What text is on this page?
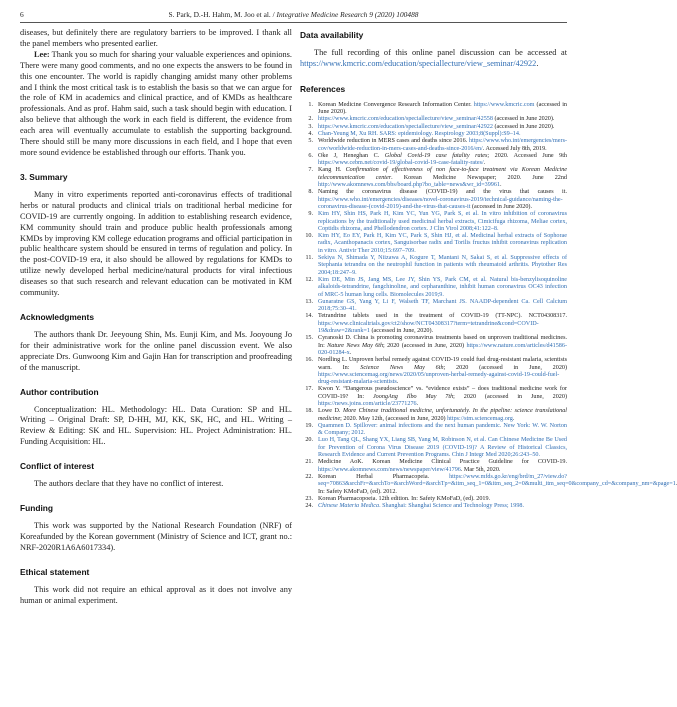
6	S. Park, D.-H. Hahm, M. Joo et al. / Integrative Medicine Research 9 (2020) 100488

diseases, but definitely there are regulatory barriers to be improved. I thank all the panel members who presented earlier.

Lee: Thank you so much for sharing your valuable experiences and opinions. There were many good comments, and no one expects the answers to be found in this one encounter. The world is rapidly changing amidst many other problems and I think the most critical task is to establish the basis so that we can argue for the role of KM in academics and clinical practice, and of KMDs as healthcare professionals. And as prof. Hahm said, such a task should begin with education. I also believe that although the work in each field is different, the evidence from each area will eventually accumulate to establish the supporting background. There should still be many more discussions in each field, and I hope that even more sound evidence be established through our efforts. Thank you.

3. Summary

Many in vitro experiments reported anti-coronavirus effects of traditional herbs or natural products and clinical trials on traditional herbal medicine for COVID-19 are currently ongoing. In addition to establishing research evidence, KM community should train and produce public health professionals among KMDs by improving KM college education programs and official participation in public healthcare system should be ensured in terms of regulation and policy. In the post-COVID-19 era, it also should be allowed by regulations for KMDs to utilize newly developed herbal medicine/natural products for viral infectious diseases so that such research and relevant education can be motivated in KM community.

Acknowledgments

The authors thank Dr. Jeeyoung Shin, Ms. Eunji Kim, and Ms. Jooyoung Jo for their administrative work for the online panel discussion event. We also appreciate Drs. Gunwoong Kim and Gajin Han for transcription and proofreading of the manuscript.

Author contribution

Conceptualization: HL. Methodology: HL. Data Curation: SP and HL. Writing – Original Draft: SP, D-HH, MJ, KK, SK, HC, and HL. Writing – Review & Editing: SK and HL. Supervision: HL. Project Administration: HL. Funding Acquisition: HL.

Conflict of interest

The authors declare that they have no conflict of interest.

Funding

This work was supported by the National Research Foundation (NRF) of Koreafunded by the Korean government (Ministry of Science and ICT, grant no.: NRF-2020R1A6A6017334).

Ethical statement

This work did not require an ethical approval as it does not involve any human or animal experiment.

Data availability

The full recording of this online panel discussion can be accessed at https://www.kmcric.com/education/speciallecture/view_seminar/42922.

References
1. Korean Medicine Convergence Research Information Center. https://www.kmcric.com (accessed in June 2020).
2. https://www.kmcric.com/education/speciallecture/view_seminar/42558 (accessed in June 2020).
3. https://www.kmcric.com/education/speciallecture/view_seminar/42922 (accessed in June 2020).
4. Chan-Yeung M, Xu RH. SARS: epidemiology. Respirology 2003;8(Suppl):S9–14.
5. Worldwide reduction in MERS cases and deaths since 2016. https://www.who.int/emergencies/mers-cov/worldwide-reduction-in-mers-cases-and-deaths-since-2016/en/. Accessed July 8th, 2019.
6. Oke J, Heneghan C. Global Covid-19 case fatality rates; 2020. Accessed June 9th https://www.cebm.net/covid-19/global-covid-19-case-fatality-rates/.
7. Kang H. Confirmation of effectiveness of non face-to-face treatment via Korean Medicine telecommunication center. Korean Medicine Newspaper; 2020. June 22nd http://www.akomnews.com/bbs/board.php?bo_table=news&wr_id=39961.
8. Naming the coronavirus disease (COVID-19) and the virus that causes it. https://www.who.int/emergencies/diseases/novel-coronavirus-2019/technical-guidance/naming-the-coronavirus-disease-(covid-2019)-and-the-virus-that-causes-it (accessed in June 2020).
9. Kim HY, Shin HS, Park H, Kim YC, Yun YG, Park S, et al. In vitro inhibition of coronavirus replications by the traditionally used medicinal herbal extracts, Cimicifuga rhizoma, Meliae cortex, Coptidis rhizoma, and Phellodendron cortex. J Clin Virol 2008;41:122–8.
10. Kim HY, Eo EY, Park H, Kim YC, Park S, Shin HJ, et al. Medicinal herbal extracts of Sophorae radix, Acanthopanacis cortex, Sanguisorbae radix and Torilis fructus inhibit coronavirus replication in vitro. Antivir Ther 2010;15:697–709.
11. Sekiya N, Shimada Y, Niizawa A, Kogure T, Mantani N, Sakai S, et al. Suppressive effects of Stephania tetrandra on the neutrophil function in patients with rheumatoid arthritis. Phytother Res 2004;18:247–9.
12. Kim DE, Min JS, Jang MS, Lee JY, Shin YS, Park CM, et al. Natural bis-benzylisoquinoline alkaloids-tetrandrine, fangchinoline, and cepharanthine, inhibit human coronavirus OC43 infection of MRC-5 human lung cells. Biomolecules 2019;9.
13. Gunaratne GS, Yang Y, Li F, Walseth TF, Marchant JS. NAADP-dependent Ca. Cell Calcium 2018;75:30–41.
14. Tetrandrine tablets used in the treatment of COVID-19 (TT-NPC). NCT04308317. https://www.clinicaltrials.gov/ct2/show/NCT04308317?term=tetrandrine&cond=COVID-19&draw=2&rank=1 (accessed in June, 2020).
15. Cyranoski D. China is promoting coronavirus treatments based on unproven traditional medicines. In: Nature News May 6th; 2020 (accessed in June, 2020) https://www.nature.com/articles/d41586-020-01284-x.
16. Nordling L. Unproven herbal remedy against COVID-19 could fuel drug-resistant malaria, scientists warn. In: Science News May 6th; 2020 (accessed in June, 2020) https://www.sciencemag.org/news/2020/05/unproven-herbal-remedy-against-covid-19-could-fuel-drug-resistant-malaria-scientists.
17. Kwon Y. “Dangerous pseudoscience” vs. “evidence exists” – does traditional medicine work for COVID-19? In: JoongAng Ilbo May 7th; 2020 (accessed in June, 2020) https://news.joins.com/article/23771276.
18. Lowe D. More Chinese traditional medicine, unfortunately. In the pipeline: science translational medicine; 2020. May 12th, (accessed in June, 2020) https://stm.sciencemag.org.
19. Quammen D. Spillover: animal infections and the next human pandemic. New York: W. W. Norton & Company; 2012.
20. Luo H, Tang QL, Shang YX, Liang SB, Yang M, Robinson N, et al. Can Chinese Medicine Be Used for Prevention of Corona Virus Disease 2019 (COVID-19)? A Review of Historical Classics, Research Evidence and Current Prevention Programs. Chin J Integr Med 2020;26:243–50.
21. Medicine AoK. Korean Medicine Clinical Practice Guideline for COVID-19. https://www.akomnews.com/news/newspaper/view/41796. Mar 5th, 2020.
22. Korean Herbal Pharmacopeia. https://www.mfds.go.kr/eng/brd/m_27/view.do?seq=70863&srchFr=&srchTo=&srchWord=&srchTp=&itm_seq_1=0&itm_seq_2=0&multi_itm_seq=0&company_cd=&company_nm=&page=1 In: Safety KMoFaD, (ed). 2012.
23. Korean Pharmacopoeia. 12th edition. In: Safety KMoFaD, (ed). 2019.
24. Chinese Materia Medica. Shanghai: Shanghai Science and Technology Press; 1998.
